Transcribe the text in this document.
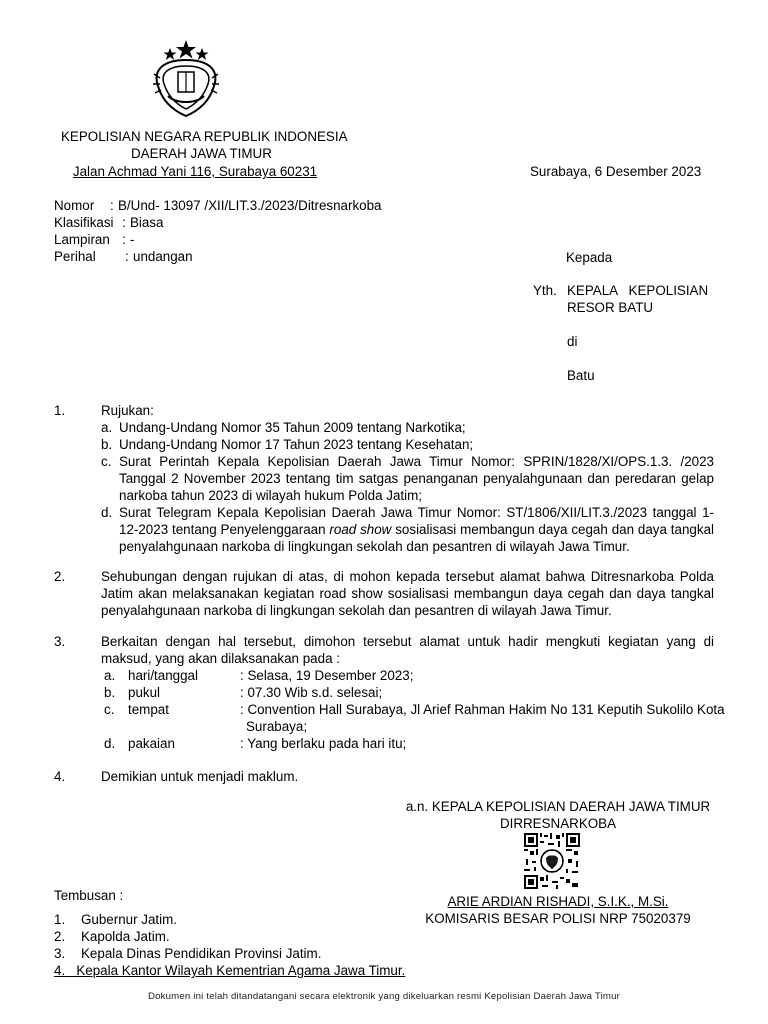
KEPOLISIAN NEGARA REPUBLIK INDONESIA
DAERAH JAWA TIMUR
Jalan Achmad Yani 116, Surabaya 60231	Surabaya, 6 Desember 2023
Nomor : B/Und- 13097 /XII/LIT.3./2023/Ditresnarkoba
Klasifikasi : Biasa
Lampiran : -
Perihal : undangan	Kepada
Yth. KEPALA   KEPOLISIAN
RESOR BATU
di
Batu
1.	Rujukan:
a. Undang-Undang Nomor 35 Tahun 2009 tentang Narkotika;
b. Undang-Undang Nomor 17 Tahun 2023 tentang Kesehatan;
c. Surat Perintah Kepala Kepolisian Daerah Jawa Timur Nomor: SPRIN/1828/XI/OPS.1.3. /2023 Tanggal 2 November 2023 tentang tim satgas penanganan penyalahgunaan dan peredaran gelap narkoba tahun 2023 di wilayah hukum Polda Jatim;
d. Surat Telegram Kepala Kepolisian Daerah Jawa Timur Nomor: ST/1806/XII/LIT.3./2023 tanggal 1-12-2023 tentang Penyelenggaraan road show sosialisasi membangun daya cegah dan daya tangkal penyalahgunaan narkoba di lingkungan sekolah dan pesantren di wilayah Jawa Timur.
2.	Sehubungan dengan rujukan di atas, di mohon kepada tersebut alamat bahwa Ditresnarkoba Polda Jatim akan melaksanakan kegiatan road show sosialisasi membangun daya cegah dan daya tangkal penyalahgunaan narkoba di lingkungan sekolah dan pesantren di wilayah Jawa Timur.
3.	Berkaitan dengan hal tersebut, dimohon tersebut alamat untuk hadir mengkuti kegiatan yang di maksud, yang akan dilaksanakan pada :
a. hari/tanggal	: Selasa, 19 Desember 2023;
b. pukul	: 07.30 Wib s.d. selesai;
c. tempat	: Convention Hall Surabaya, Jl Arief Rahman Hakim No 131 Keputih Sukolilo Kota
Surabaya;
d. pakaian	: Yang berlaku pada hari itu;
4.	Demikian untuk menjadi maklum.
a.n. KEPALA KEPOLISIAN DAERAH JAWA TIMUR
DIRRESNARKOBA
ARIE ARDIAN RISHADI, S.I.K., M.Si.
KOMISARIS BESAR POLISI NRP 75020379
Tembusan :
1. Gubernur Jatim.
2. Kapolda Jatim.
3. Kepala Dinas Pendidikan Provinsi Jatim.
4. Kepala Kantor Wilayah Kementrian Agama Jawa Timur.
Dokumen ini telah ditandatangani secara elektronik yang dikeluarkan resmi Kepolisian Daerah Jawa Timur
